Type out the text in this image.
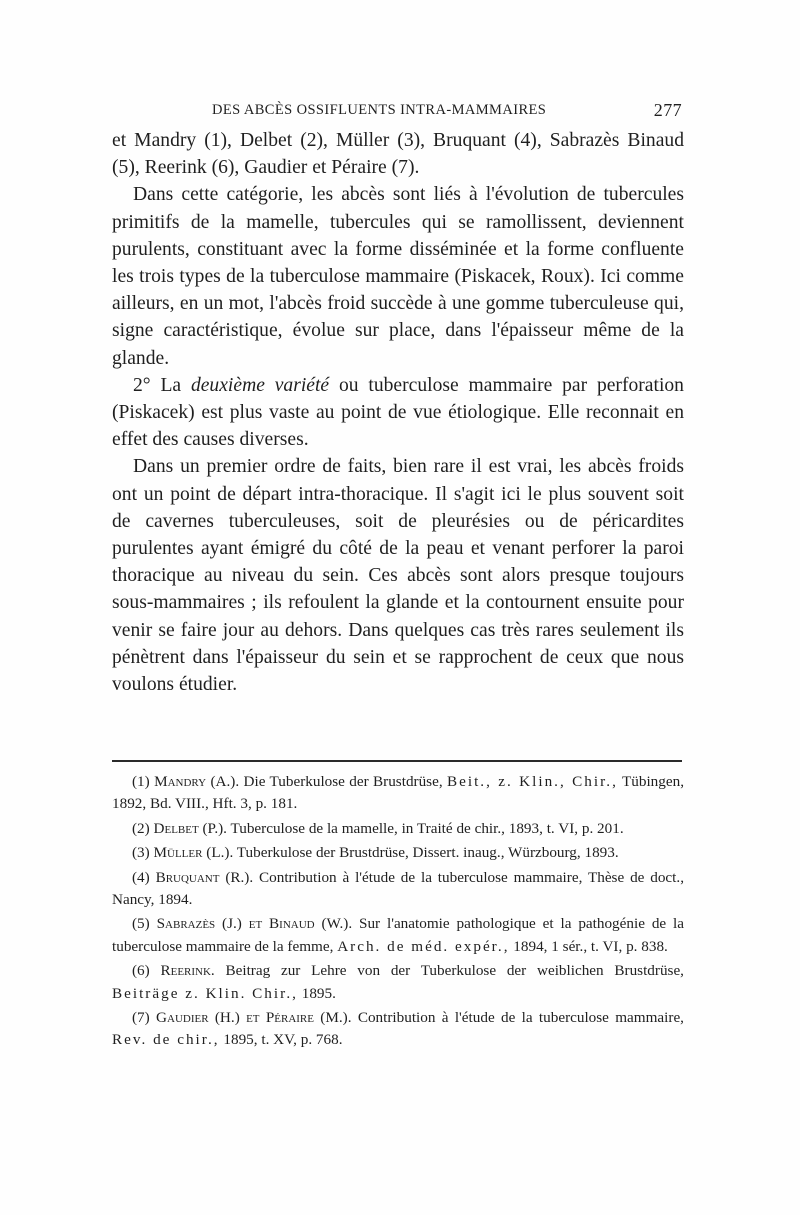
DES ABCÈS OSSIFLUENTS INTRA-MAMMAIRES	277

et Mandry (1), Delbet (2), Müller (3), Bruquant (4), Sabrazès Binaud (5), Reerink (6), Gaudier et Péraire (7).

Dans cette catégorie, les abcès sont liés à l'évolution de tubercules primitifs de la mamelle, tubercules qui se ramollissent, deviennent purulents, constituant avec la forme disséminée et la forme confluente les trois types de la tuberculose mammaire (Piskacek, Roux). Ici comme ailleurs, en un mot, l'abcès froid succède à une gomme tuberculeuse qui, signe caractéristique, évolue sur place, dans l'épaisseur même de la glande.

2° La deuxième variété ou tuberculose mammaire par perforation (Piskacek) est plus vaste au point de vue étiologique. Elle reconnait en effet des causes diverses.

Dans un premier ordre de faits, bien rare il est vrai, les abcès froids ont un point de départ intra-thoracique. Il s'agit ici le plus souvent soit de cavernes tuberculeuses, soit de pleurésies ou de péricardites purulentes ayant émigré du côté de la peau et venant perforer la paroi thoracique au niveau du sein. Ces abcès sont alors presque toujours sous-mammaires ; ils refoulent la glande et la contournent ensuite pour venir se faire jour au dehors. Dans quelques cas très rares seulement ils pénètrent dans l'épaisseur du sein et se rapprochent de ceux que nous voulons étudier.

(1) Mandry (A.). Die Tuberkulose der Brustdrüse, Beit., z. Klin., Chir., Tübingen, 1892, Bd. VIII., Hft. 3, p. 181.

(2) Delbet (P.). Tuberculose de la mamelle, in Traité de chir., 1893, t. VI, p. 201.

(3) Müller (L.). Tuberkulose der Brustdrüse, Dissert. inaug., Würzbourg, 1893.

(4) Bruquant (R.). Contribution à l'étude de la tuberculose mammaire, Thèse de doct., Nancy, 1894.

(5) Sabrazès (J.) et Binaud (W.). Sur l'anatomie pathologique et la pathogénie de la tuberculose mammaire de la femme, Arch. de méd. expér., 1894, 1 sér., t. VI, p. 838.

(6) Reerink. Beitrag zur Lehre von der Tuberkulose der weiblichen Brustdrüse, Beiträge z. Klin. Chir., 1895.

(7) Gaudier (H.) et Péraire (M.). Contribution à l'étude de la tuberculose mammaire, Rev. de chir., 1895, t. XV, p. 768.
